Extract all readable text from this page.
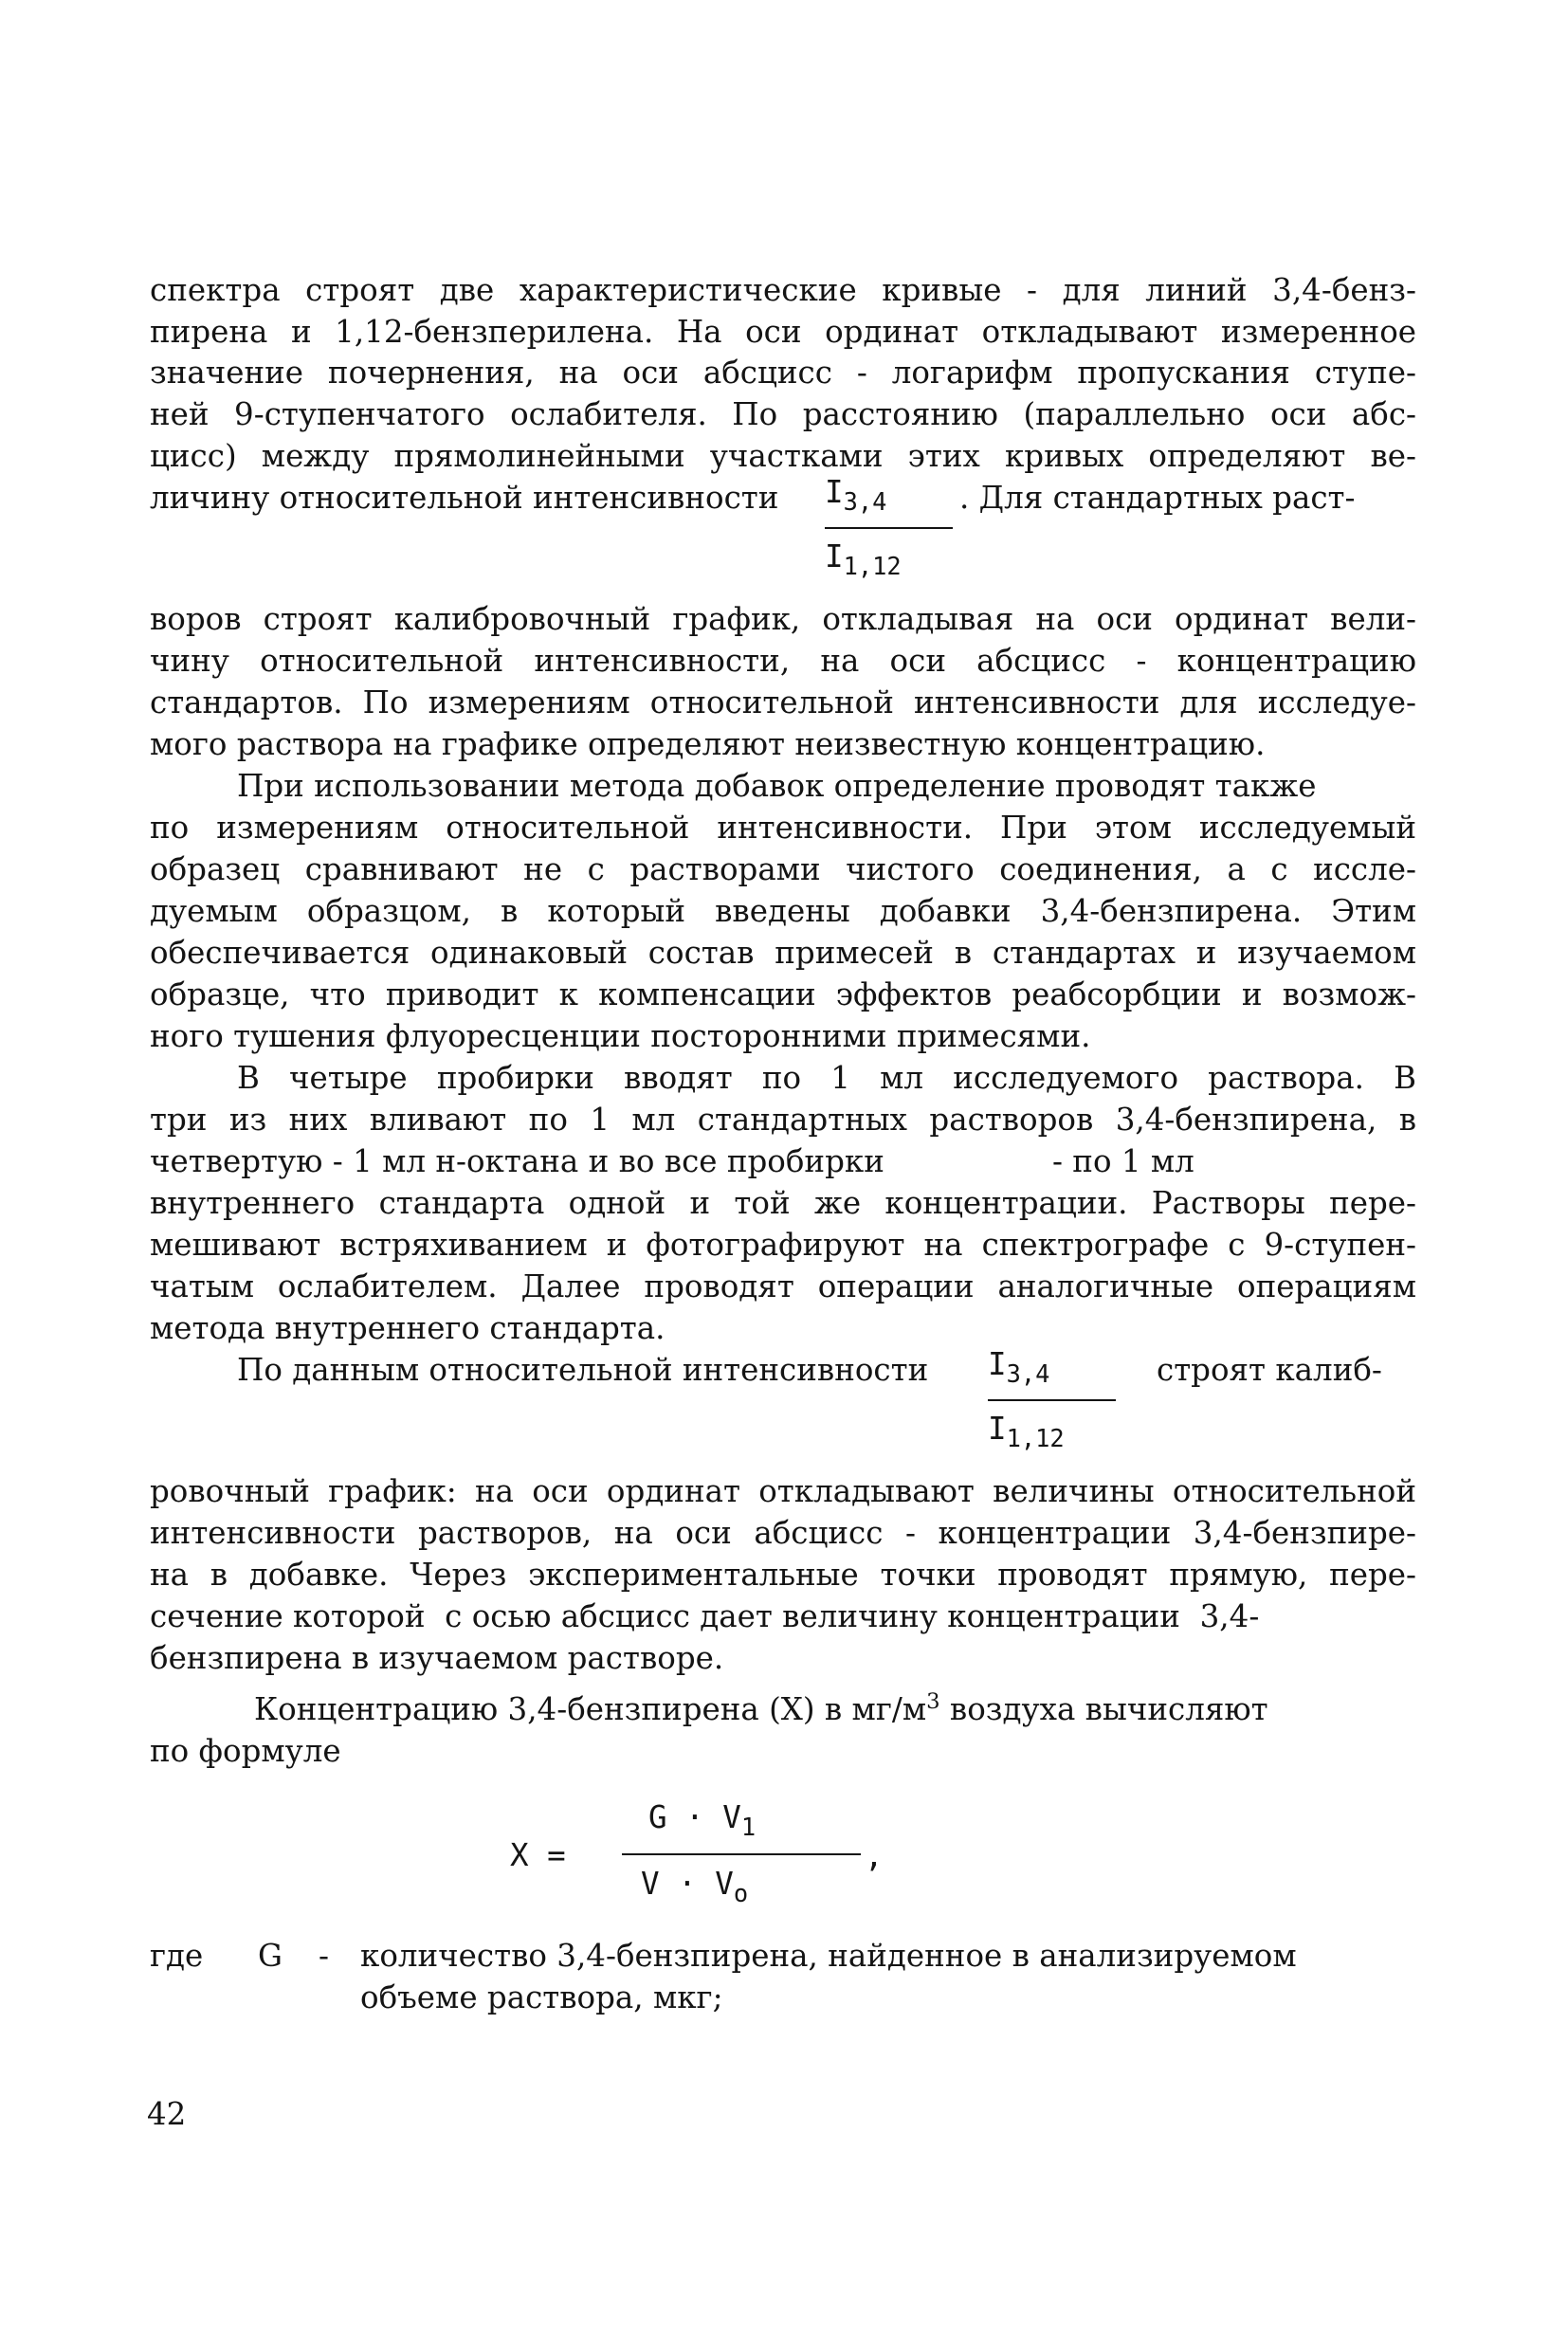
спектра строят две характеристические кривые - для линий 3,4-бенз-
пирена и 1,12-бензперилена. На оси ординат откладывают измеренное
значение почернения, на оси абсцисс - логарифм пропускания ступе-
ней 9-ступенчатого ослабителя. По расстоянию (параллельно оси абс-
цисс) между прямолинейными участками этих кривых определяют ве-
личину относительной интенсивности $I_{3,4}$
$I_{1,12}$
. Для стандартных раст-
воров строят калибровочный график, откладывая на оси ординат вели-
чину относительной интенсивности, на оси абсцисс - концентрацию
стандартов. По измерениям относительной интенсивности для исследуе-
мого раствора на графике определяют неизвестную концентрацию.
При использовании метода добавок определение проводят также
по измерениям относительной интенсивности. При этом исследуемый
образец сравнивают не с растворами чистого соединения, а с иссле-
дуемым образцом, в который введены добавки 3,4-бензпирена. Этим
обеспечивается одинаковый состав примесей в стандартах и изучаемом
образце, что приводит к компенсации эффектов реабсорбции и возмож-
ного тушения флуоресценции посторонними примесями.
В четыре пробирки вводят по 1 мл исследуемого раствора. В
три из них вливают по 1 мл стандартных растворов 3,4-бензпирена, в
четвертую - 1 мл н-октана и во все пробирки	- по 1 мл
внутреннего стандарта одной и той же концентрации. Растворы пере-
мешивают встряхиванием и фотографируют на спектрографе с 9-ступен-
чатым ослабителем. Далее проводят операции аналогичные операциям
метода внутреннего стандарта.
По данным относительной интенсивности $I_{3,4}$
$I_{1,12}$
строят калиб-
ровочный график: на оси ординат откладывают величины относительной
интенсивности растворов, на оси абсцисс - концентрации 3,4-бензпире-
на в добавке. Через экспериментальные точки проводят прямую, пере-
сечение которой  с осью абсцисс дает величину концентрации  3,4-
бензпирена в изучаемом растворе.
Концентрацию 3,4-бензпирена (X) в $мг/м^3$ воздуха вычисляют
по формуле
X =
$G \cdot V_1$
$V \cdot V_o$
,
где G - количество 3,4-бензпирена, найденное в анализируемом
объеме раствора, мкг;
42
